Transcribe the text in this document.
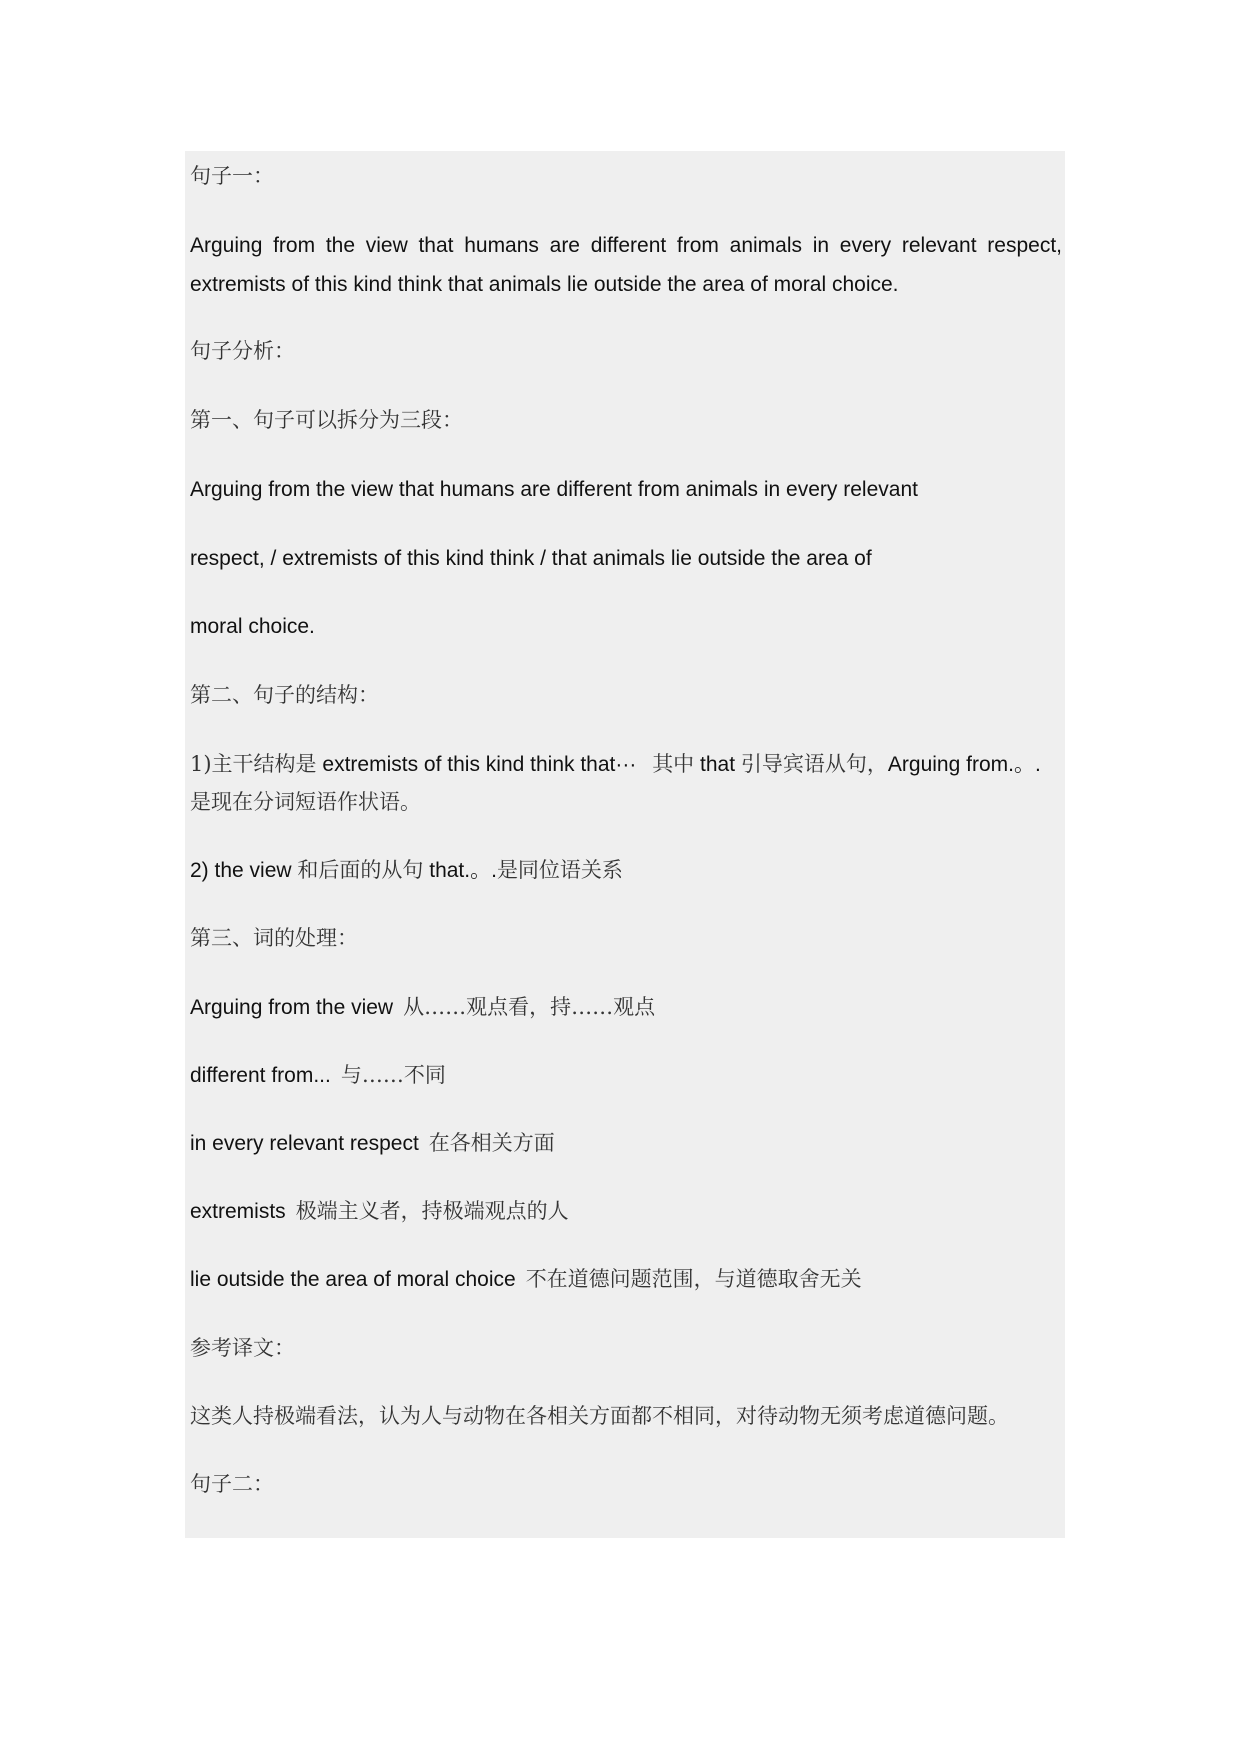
句子一：
Arguing from the view that humans are different from animals in every relevant respect,
extremists of this kind think that animals lie outside the area of moral choice.
句子分析：
第一、句子可以拆分为三段：
Arguing from the view that humans are different from animals in every relevant
respect, / extremists of this kind think / that animals lie outside the area of
moral choice.
第二、句子的结构：
1)主干结构是 extremists of this kind think that··· 其中 that 引导宾语从句，Arguing from.。.
是现在分词短语作状语。
2) the view 和后面的从句 that.。.是同位语关系
第三、词的处理：
Arguing from the view 从……观点看，持……观点
different from... 与……不同
in every relevant respect 在各相关方面
extremists 极端主义者，持极端观点的人
lie outside the area of moral choice 不在道德问题范围，与道德取舍无关
参考译文：
这类人持极端看法，认为人与动物在各相关方面都不相同，对待动物无须考虑道德问题。
句子二：
